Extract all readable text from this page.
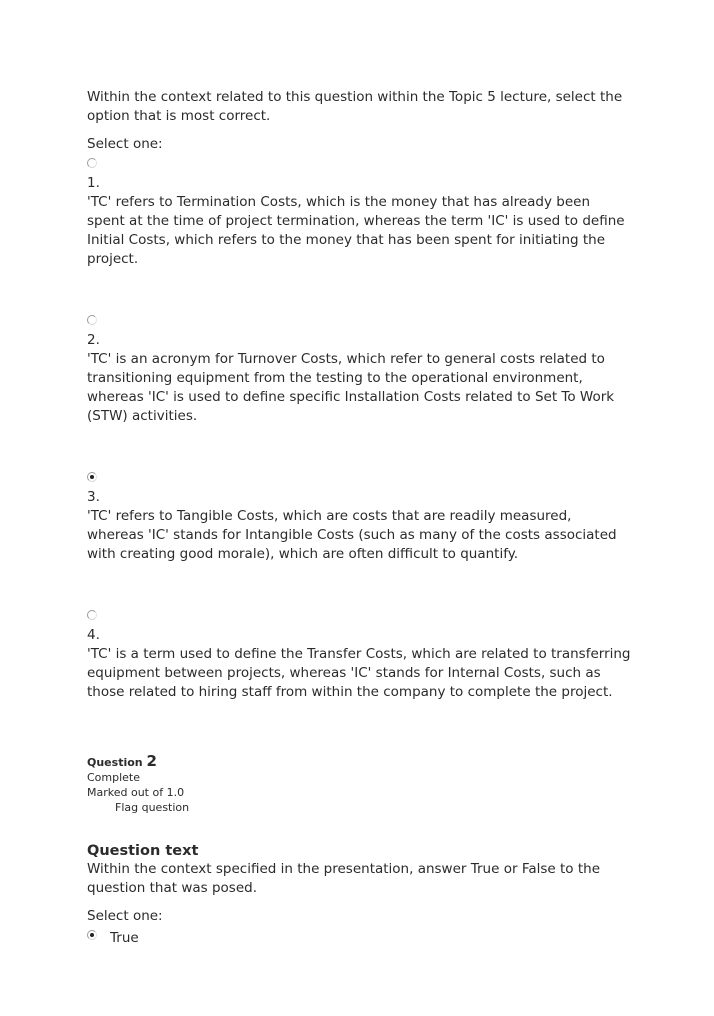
Within the context related to this question within the Topic 5 lecture, select the option that is most correct.

Select one:
1.
'TC' refers to Termination Costs, which is the money that has already been spent at the time of project termination, whereas the term 'IC' is used to define Initial Costs, which refers to the money that has been spent for initiating the project.
2.
'TC' is an acronym for Turnover Costs, which refer to general costs related to transitioning equipment from the testing to the operational environment, whereas 'IC' is used to define specific Installation Costs related to Set To Work (STW) activities.
3.
'TC' refers to Tangible Costs, which are costs that are readily measured, whereas 'IC' stands for Intangible Costs (such as many of the costs associated with creating good morale), which are often difficult to quantify.
4.
'TC' is a term used to define the Transfer Costs, which are related to transferring equipment between projects, whereas 'IC' stands for Internal Costs, such as those related to hiring staff from within the company to complete the project.
Question 2
Complete
Marked out of 1.0
Flag question
Question text

Within the context specified in the presentation, answer True or False to the question that was posed.

Select one:
True
